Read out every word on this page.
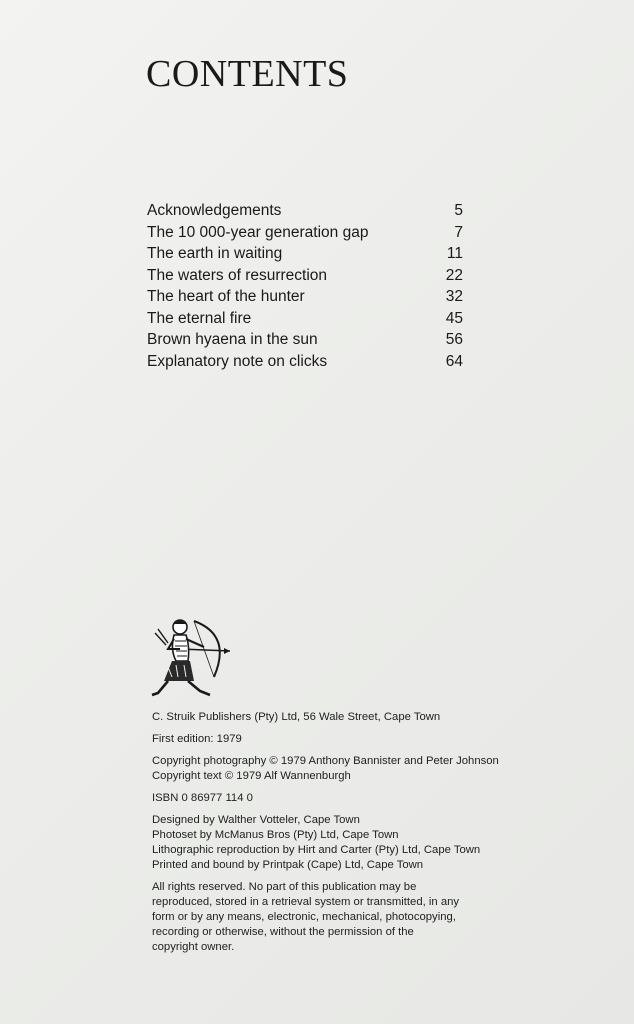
CONTENTS
Acknowledgements	5
The 10 000-year generation gap	7
The earth in waiting	11
The waters of resurrection	22
The heart of the hunter	32
The eternal fire	45
Brown hyaena in the sun	56
Explanatory note on clicks	64
C. Struik Publishers (Pty) Ltd, 56 Wale Street, Cape Town
First edition: 1979
Copyright photography © 1979 Anthony Bannister and Peter Johnson
Copyright text © 1979 Alf Wannenburgh
ISBN 0 86977 114 0
Designed by Walther Votteler, Cape Town
Photoset by McManus Bros (Pty) Ltd, Cape Town
Lithographic reproduction by Hirt and Carter (Pty) Ltd, Cape Town
Printed and bound by Printpak (Cape) Ltd, Cape Town
All rights reserved. No part of this publication may be
reproduced, stored in a retrieval system or transmitted, in any
form or by any means, electronic, mechanical, photocopying,
recording or otherwise, without the permission of the
copyright owner.
